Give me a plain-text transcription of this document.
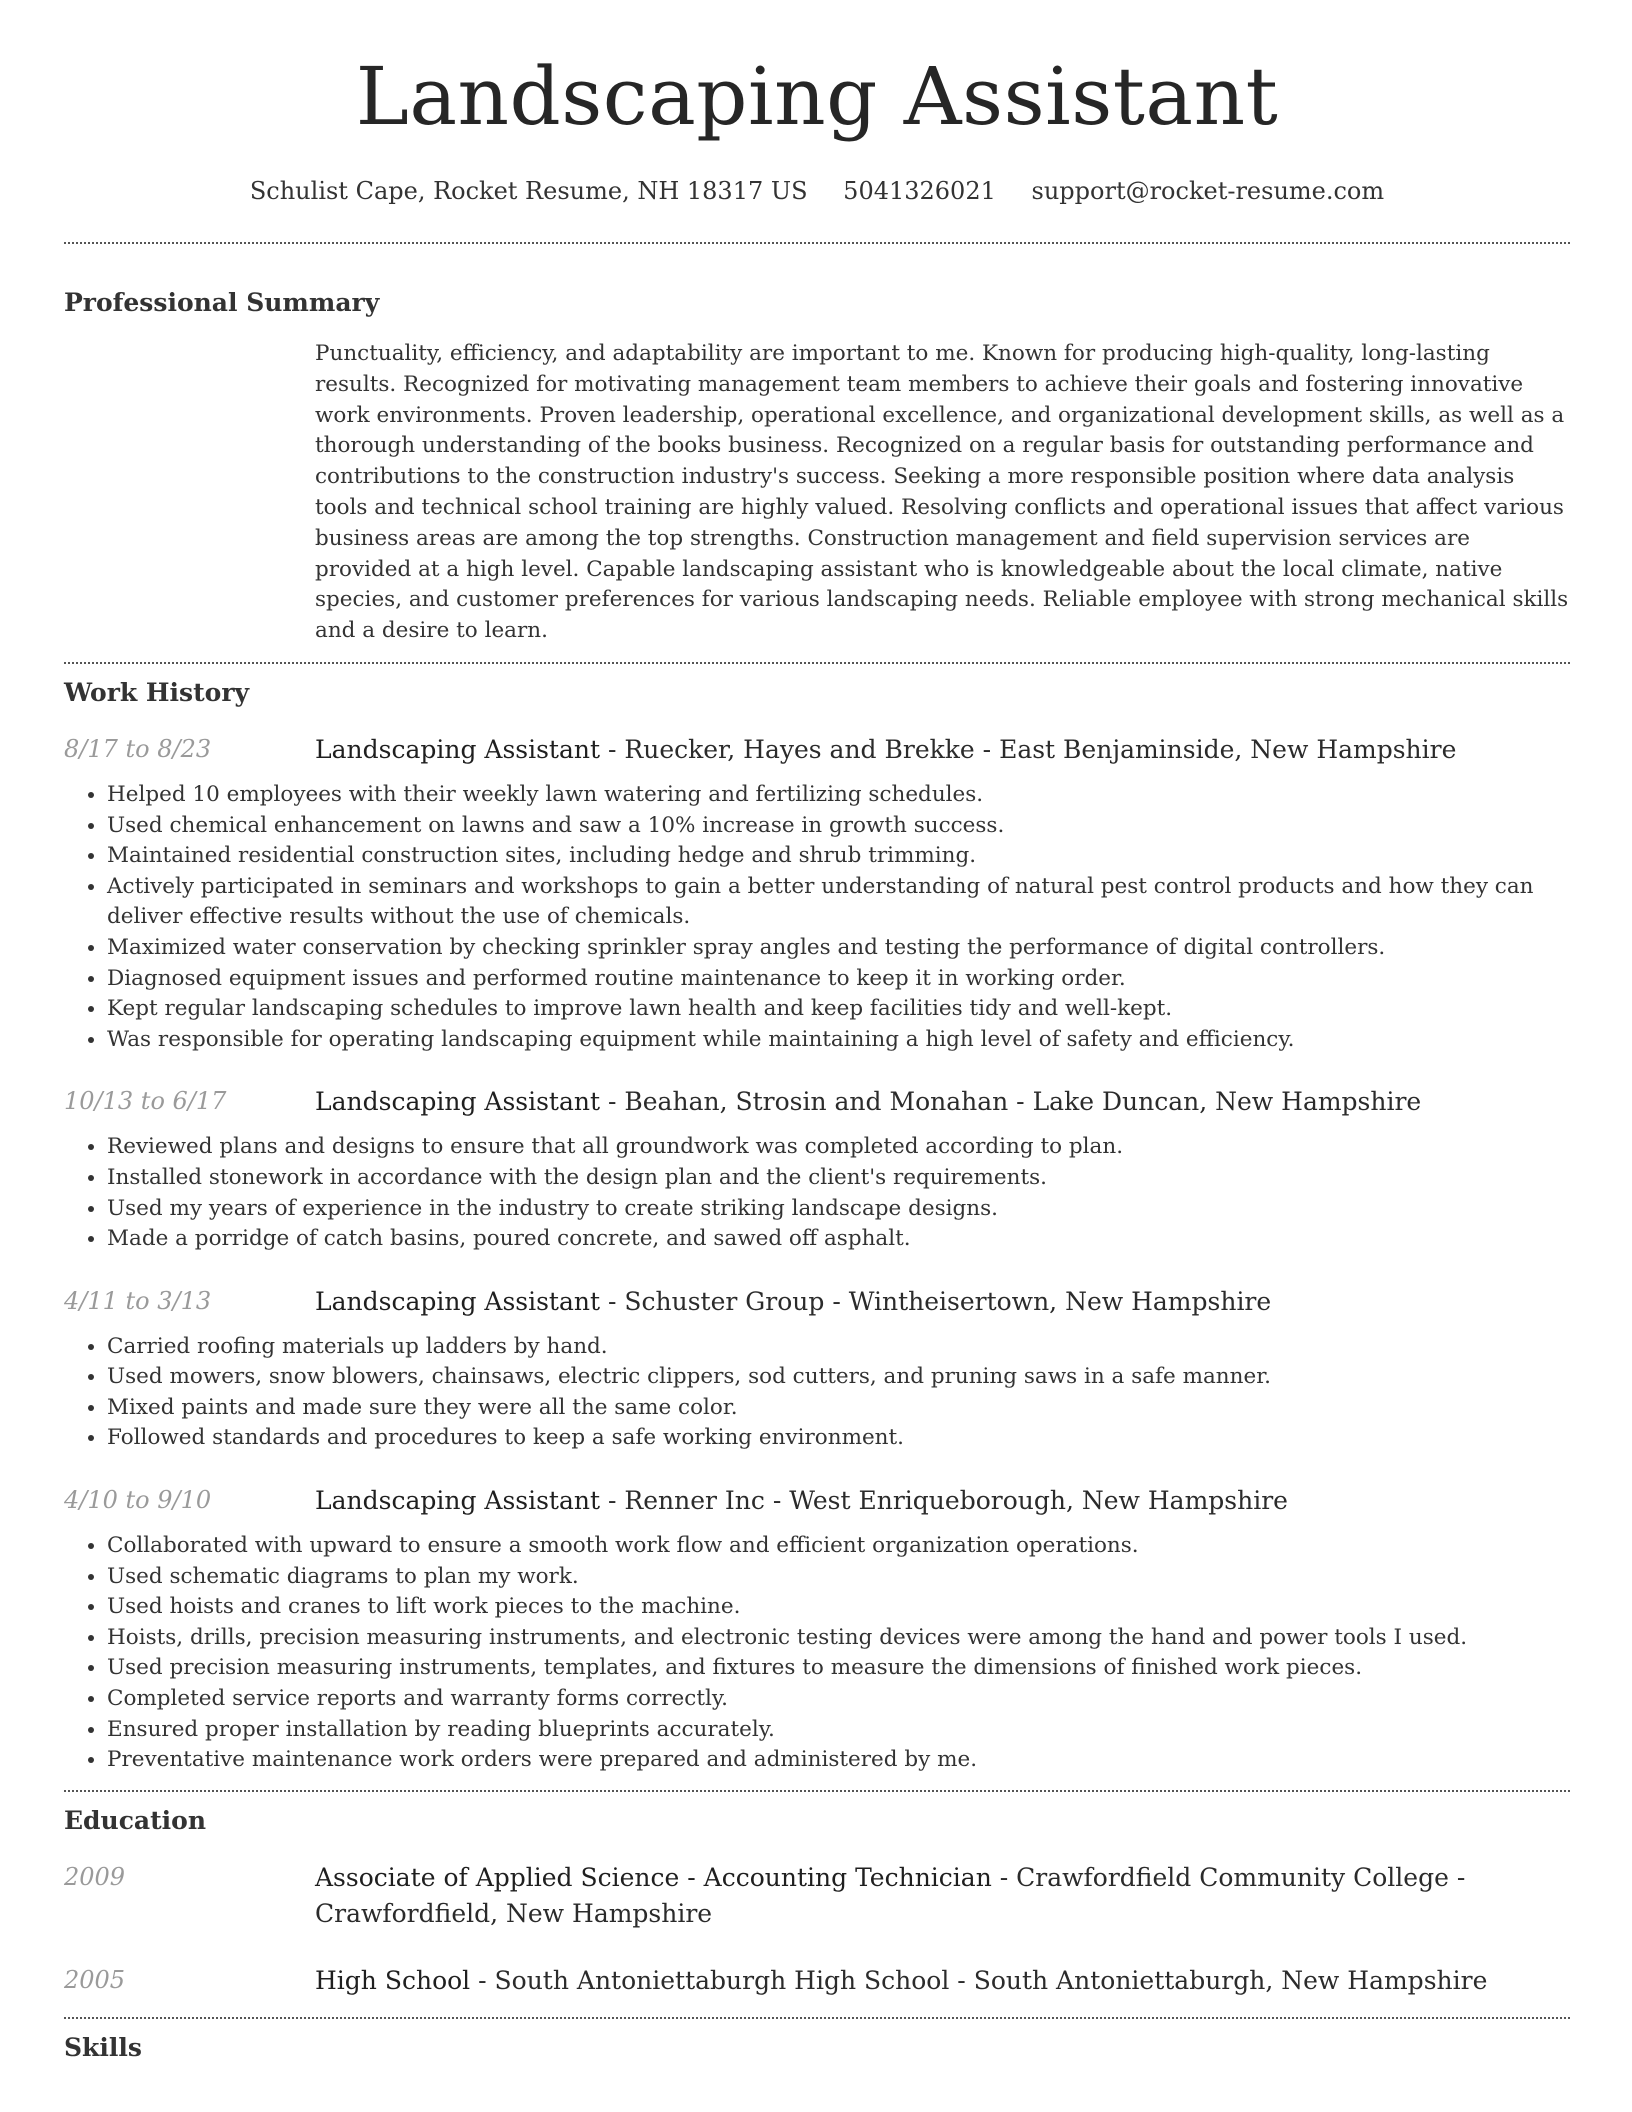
Landscaping Assistant
Schulist Cape, Rocket Resume, NH 18317 US 5041326021 support@rocket-resume.com
Professional Summary
Punctuality, efficiency, and adaptability are important to me. Known for producing high-quality, long-lasting results. Recognized for motivating management team members to achieve their goals and fostering innovative work environments. Proven leadership, operational excellence, and organizational development skills, as well as a thorough understanding of the books business. Recognized on a regular basis for outstanding performance and contributions to the construction industry's success. Seeking a more responsible position where data analysis tools and technical school training are highly valued. Resolving conflicts and operational issues that affect various business areas are among the top strengths. Construction management and field supervision services are provided at a high level. Capable landscaping assistant who is knowledgeable about the local climate, native species, and customer preferences for various landscaping needs. Reliable employee with strong mechanical skills and a desire to learn.
Work History
8/17 to 8/23	Landscaping Assistant - Ruecker, Hayes and Brekke - East Benjaminside, New Hampshire
• Helped 10 employees with their weekly lawn watering and fertilizing schedules.
• Used chemical enhancement on lawns and saw a 10% increase in growth success.
• Maintained residential construction sites, including hedge and shrub trimming.
• Actively participated in seminars and workshops to gain a better understanding of natural pest control products and how they can deliver effective results without the use of chemicals.
• Maximized water conservation by checking sprinkler spray angles and testing the performance of digital controllers.
• Diagnosed equipment issues and performed routine maintenance to keep it in working order.
• Kept regular landscaping schedules to improve lawn health and keep facilities tidy and well-kept.
• Was responsible for operating landscaping equipment while maintaining a high level of safety and efficiency.
10/13 to 6/17	Landscaping Assistant - Beahan, Strosin and Monahan - Lake Duncan, New Hampshire
• Reviewed plans and designs to ensure that all groundwork was completed according to plan.
• Installed stonework in accordance with the design plan and the client's requirements.
• Used my years of experience in the industry to create striking landscape designs.
• Made a porridge of catch basins, poured concrete, and sawed off asphalt.
4/11 to 3/13	Landscaping Assistant - Schuster Group - Wintheisertown, New Hampshire
• Carried roofing materials up ladders by hand.
• Used mowers, snow blowers, chainsaws, electric clippers, sod cutters, and pruning saws in a safe manner.
• Mixed paints and made sure they were all the same color.
• Followed standards and procedures to keep a safe working environment.
4/10 to 9/10	Landscaping Assistant - Renner Inc - West Enriqueborough, New Hampshire
• Collaborated with upward to ensure a smooth work flow and efficient organization operations.
• Used schematic diagrams to plan my work.
• Used hoists and cranes to lift work pieces to the machine.
• Hoists, drills, precision measuring instruments, and electronic testing devices were among the hand and power tools I used.
• Used precision measuring instruments, templates, and fixtures to measure the dimensions of finished work pieces.
• Completed service reports and warranty forms correctly.
• Ensured proper installation by reading blueprints accurately.
• Preventative maintenance work orders were prepared and administered by me.
Education
2009	Associate of Applied Science - Accounting Technician - Crawfordfield Community College - Crawfordfield, New Hampshire
2005	High School - South Antoniettaburgh High School - South Antoniettaburgh, New Hampshire
Skills
